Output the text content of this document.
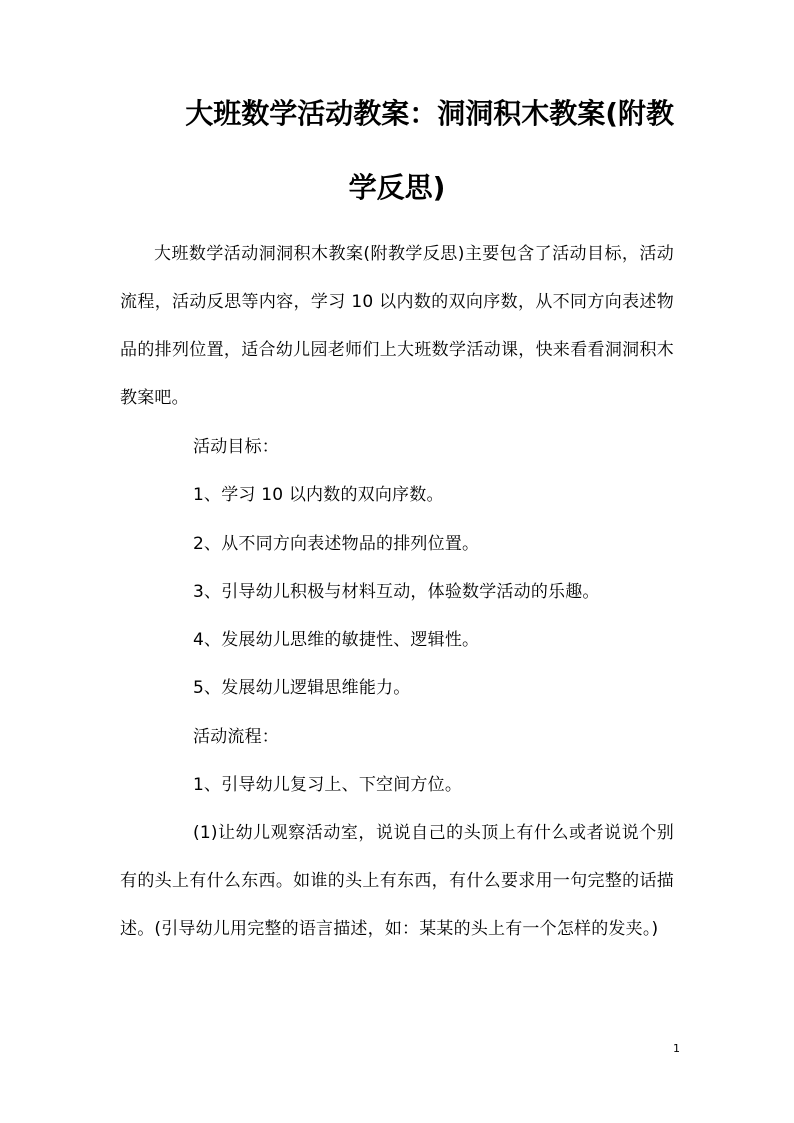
大班数学活动教案：洞洞积木教案(附教
学反思)

大班数学活动洞洞积木教案(附教学反思)主要包含了活动目标，活动流程，活动反思等内容，学习 10 以内数的双向序数，从不同方向表述物品的排列位置，适合幼儿园老师们上大班数学活动课，快来看看洞洞积木教案吧。

活动目标：

1、学习 10 以内数的双向序数。

2、从不同方向表述物品的排列位置。

3、引导幼儿积极与材料互动，体验数学活动的乐趣。

4、发展幼儿思维的敏捷性、逻辑性。

5、发展幼儿逻辑思维能力。

活动流程：

1、引导幼儿复习上、下空间方位。

(1)让幼儿观察活动室，说说自己的头顶上有什么或者说说个别有的头上有什么东西。如谁的头上有东西，有什么要求用一句完整的话描述。(引导幼儿用完整的语言描述，如：某某的头上有一个怎样的发夹。)

1
